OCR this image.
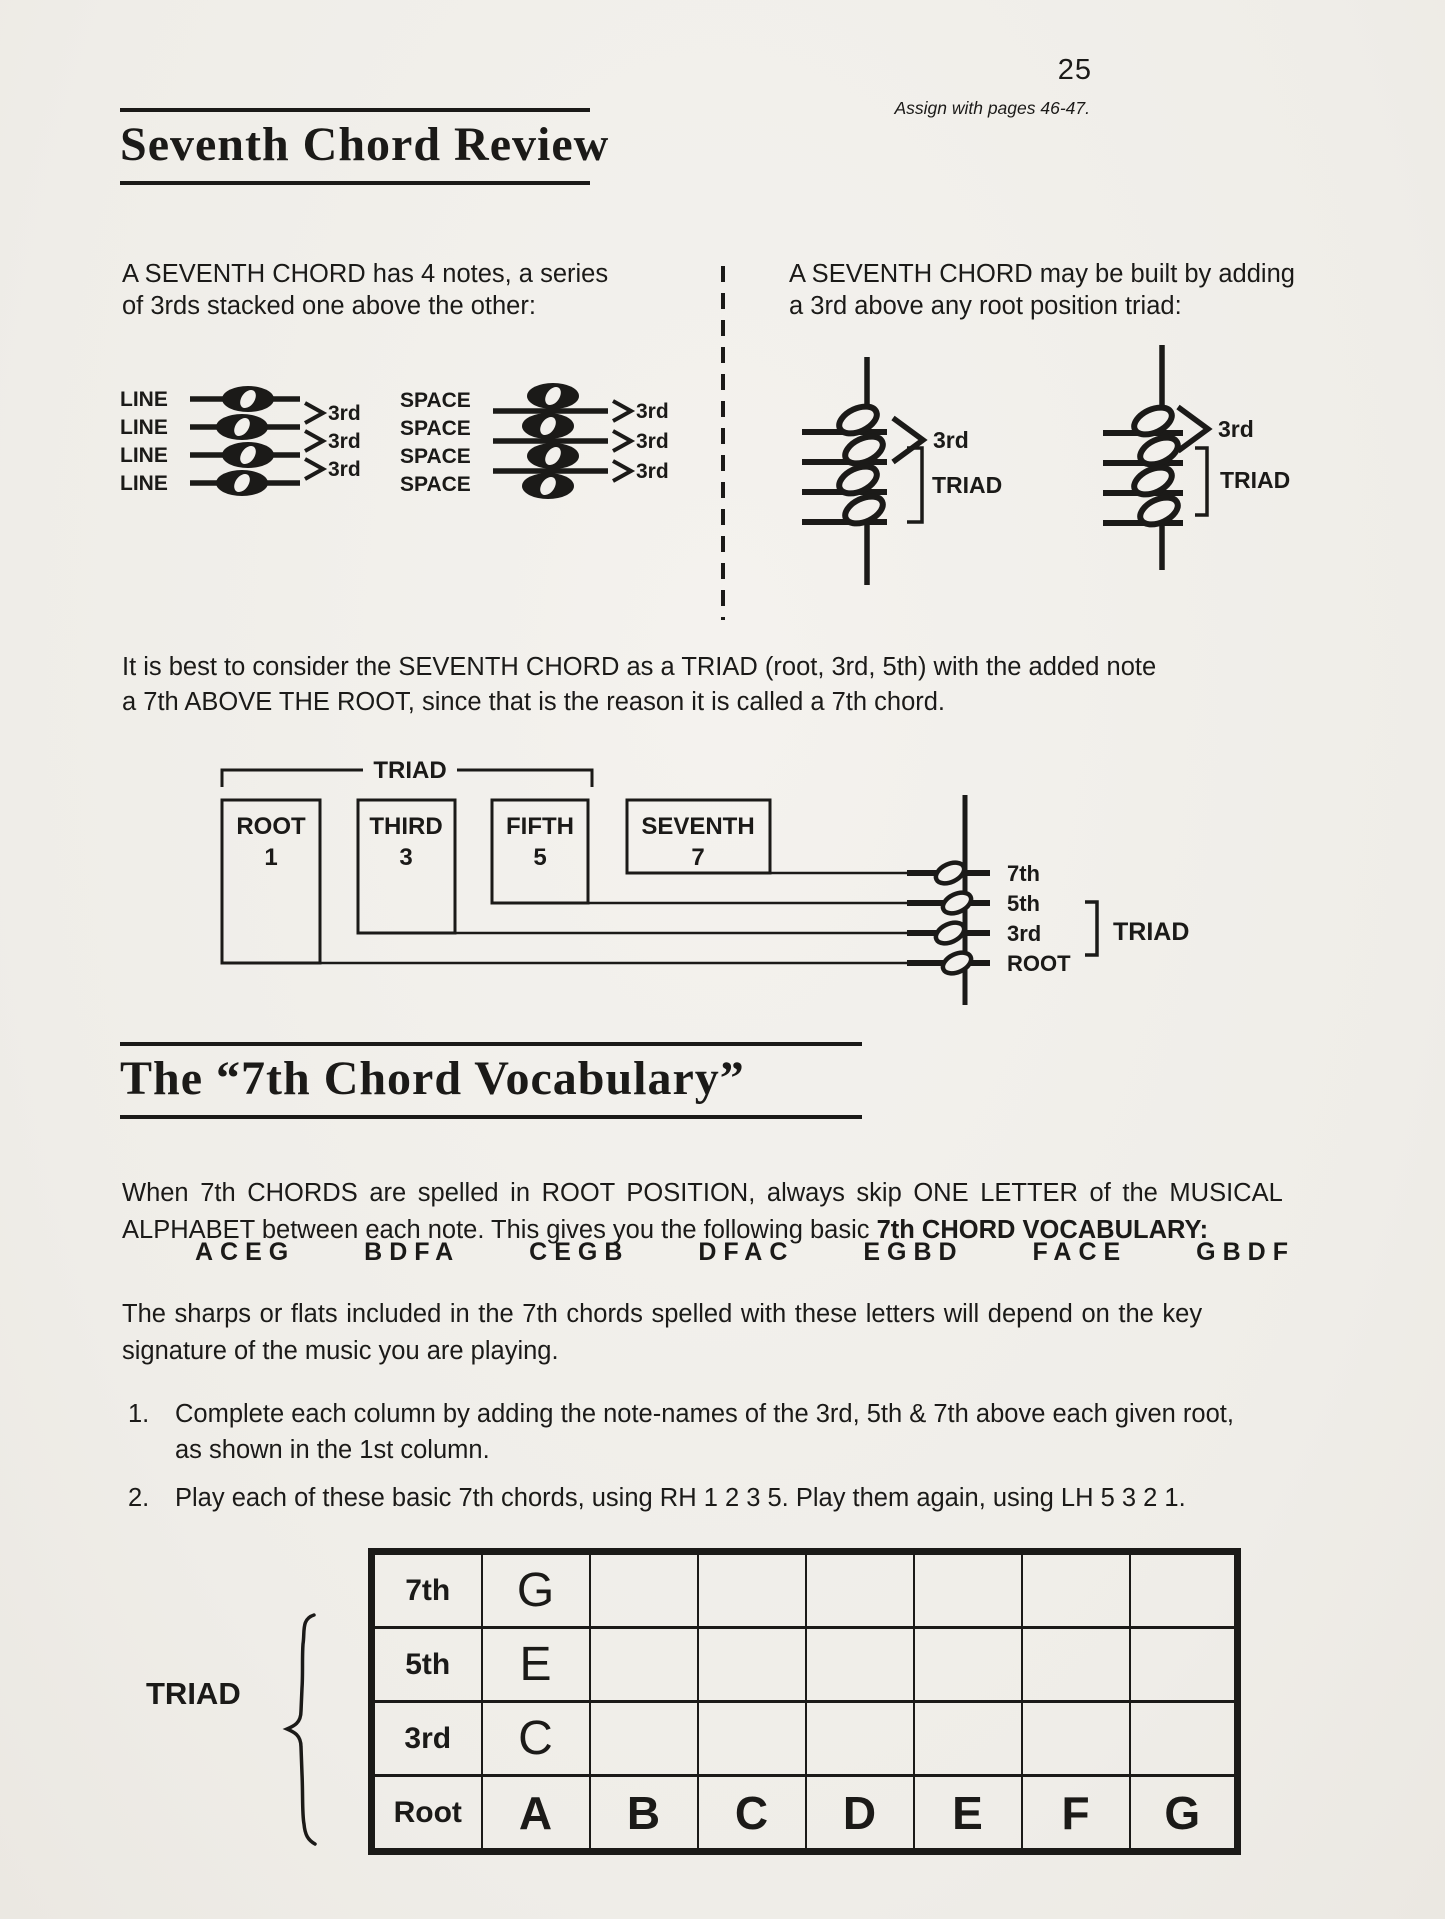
25
Assign with pages 46-47.
Seventh Chord Review
A SEVENTH CHORD has 4 notes, a series
of 3rds stacked one above the other:
A SEVENTH CHORD may be built by adding
a 3rd above any root position triad:
LINE
LINE
LINE
LINE
3rd
3rd
3rd
SPACE
SPACE
SPACE
SPACE
3rd
3rd
3rd
3rd
TRIAD
3rd
TRIAD
It is best to consider the SEVENTH CHORD as a TRIAD (root, 3rd, 5th) with the added note
a 7th ABOVE THE ROOT, since that is the reason it is called a 7th chord.
TRIAD
ROOT
1
THIRD
3
FIFTH
5
SEVENTH
7
7th
5th
3rd
ROOT
TRIAD
The “7th Chord Vocabulary”
When 7th CHORDS are spelled in ROOT POSITION, always skip ONE LETTER of the MUSICAL
ALPHABET between each note. This gives you the following basic 7th CHORD VOCABULARY:
ACEG	BDFA	CEGB	DFAC	EGBD	FACE	GBDF
The sharps or flats included in the 7th chords spelled with these letters will depend on the key
signature of the music you are playing.
1. Complete each column by adding the note-names of the 3rd, 5th & 7th above each given root,
as shown in the 1st column.
2. Play each of these basic 7th chords, using RH 1 2 3 5. Play them again, using LH 5 3 2 1.
TRIAD
7th	G						
5th	E						
3rd	C						
Root	A	B	C	D	E	F	G
